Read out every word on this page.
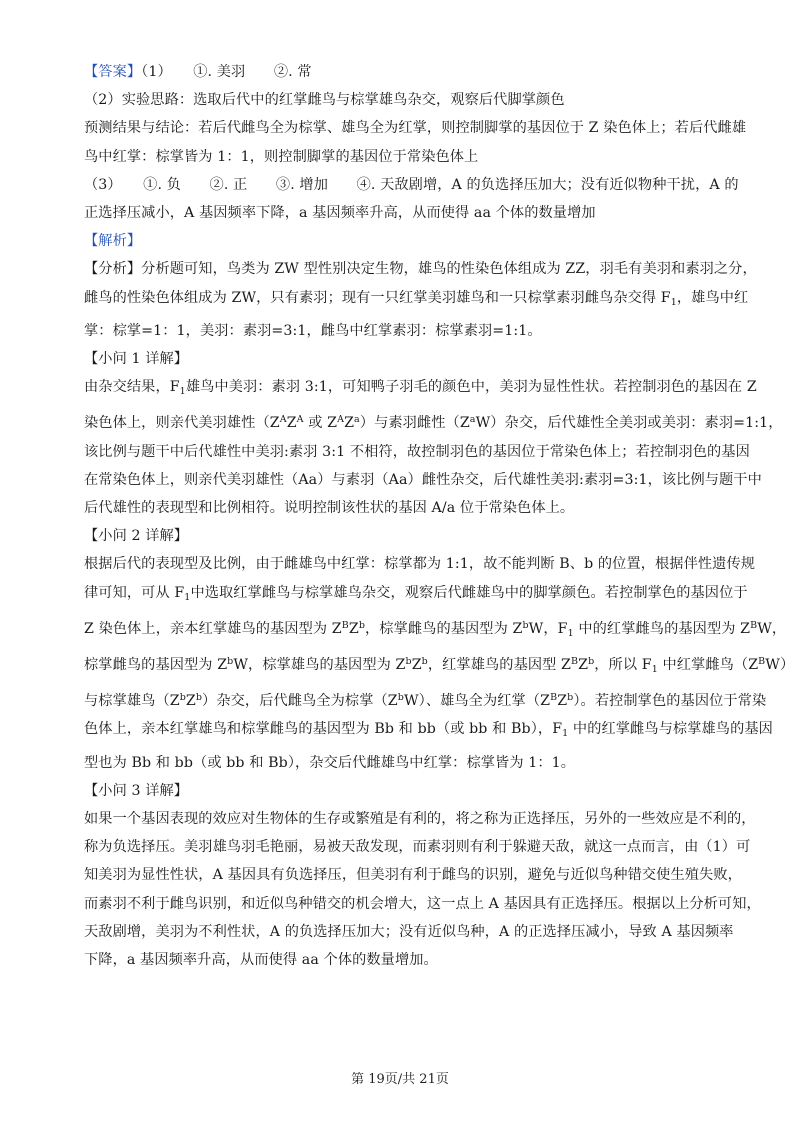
【答案】（1）　　①. 美羽　　②. 常
（2）实验思路：选取后代中的红掌雌鸟与棕掌雄鸟杂交，观察后代脚掌颜色
预测结果与结论：若后代雌鸟全为棕掌、雄鸟全为红掌，则控制脚掌的基因位于 Z 染色体上；若后代雌雄
鸟中红掌：棕掌皆为 1：1，则控制脚掌的基因位于常染色体上
（3）　　①. 负　　②. 正　　③. 增加　　④. 天敌剧增，A 的负选择压加大；没有近似物种干扰，A 的
正选择压减小，A 基因频率下降，a 基因频率升高，从而使得 aa 个体的数量增加
【解析】
【分析】分析题可知，鸟类为 ZW 型性别决定生物，雄鸟的性染色体组成为 ZZ，羽毛有美羽和素羽之分，
雌鸟的性染色体组成为 ZW，只有素羽；现有一只红掌美羽雄鸟和一只棕掌素羽雌鸟杂交得 $F_1$，雄鸟中红
掌：棕掌=1：1，美羽：素羽=3:1，雌鸟中红掌素羽：棕掌素羽=1:1。
【小问 1 详解】
由杂交结果，$F_1$雄鸟中美羽：素羽 3:1，可知鸭子羽毛的颜色中，美羽为显性性状。若控制羽色的基因在 Z
染色体上，则亲代美羽雄性（$Z^AZ^A$ 或 $Z^AZ^a$）与素羽雌性$(Z^aW)$杂交，后代雄性全美羽或美羽：素羽=1:1，
该比例与题干中后代雄性中美羽:素羽 3:1 不相符，故控制羽色的基因位于常染色体上；若控制羽色的基因
在常染色体上，则亲代美羽雄性（Aa）与素羽（Aa）雌性杂交，后代雄性美羽:素羽=3:1，该比例与题干中
后代雄性的表现型和比例相符。说明控制该性状的基因 A/a 位于常染色体上。
【小问 2 详解】
根据后代的表现型及比例，由于雌雄鸟中红掌：棕掌都为 1:1，故不能判断 B、b 的位置，根据伴性遗传规
律可知，可从 $F_1$中选取红掌雌鸟与棕掌雄鸟杂交，观察后代雌雄鸟中的脚掌颜色。若控制掌色的基因位于
Z 染色体上，亲本红掌雄鸟的基因型为 $Z^BZ^b$，棕掌雌鸟的基因型为 $Z^bW$，$F_1$ 中的红掌雌鸟的基因型为 $Z^BW$，
棕掌雌鸟的基因型为 $Z^bW$，棕掌雄鸟的基因型为 $Z^bZ^b$，红掌雄鸟的基因型 $Z^BZ^b$，所以 $F_1$ 中红掌雌鸟$(Z^BW)$
与棕掌雄鸟$(Z^bZ^b)$杂交，后代雌鸟全为棕掌$(Z^bW)$、雄鸟全为红掌$(Z^BZ^b)$。若控制掌色的基因位于常染
色体上，亲本红掌雄鸟和棕掌雌鸟的基因型为 Bb 和 bb（或 bb 和 Bb），$F_1$ 中的红掌雌鸟与棕掌雄鸟的基因
型也为 Bb 和 bb（或 bb 和 Bb），杂交后代雌雄鸟中红掌：棕掌皆为 1：1。
【小问 3 详解】
如果一个基因表现的效应对生物体的生存或繁殖是有利的，将之称为正选择压，另外的一些效应是不利的，
称为负选择压。美羽雄鸟羽毛艳丽，易被天敌发现，而素羽则有利于躲避天敌，就这一点而言，由（1）可
知美羽为显性性状，A 基因具有负选择压，但美羽有利于雌鸟的识别，避免与近似鸟种错交使生殖失败，
而素羽不利于雌鸟识别，和近似鸟种错交的机会增大，这一点上 A 基因具有正选择压。根据以上分析可知，
天敌剧增，美羽为不利性状，A 的负选择压加大；没有近似鸟种，A 的正选择压减小，导致 A 基因频率
下降，a 基因频率升高，从而使得 aa 个体的数量增加。
第 19页/共 21页
